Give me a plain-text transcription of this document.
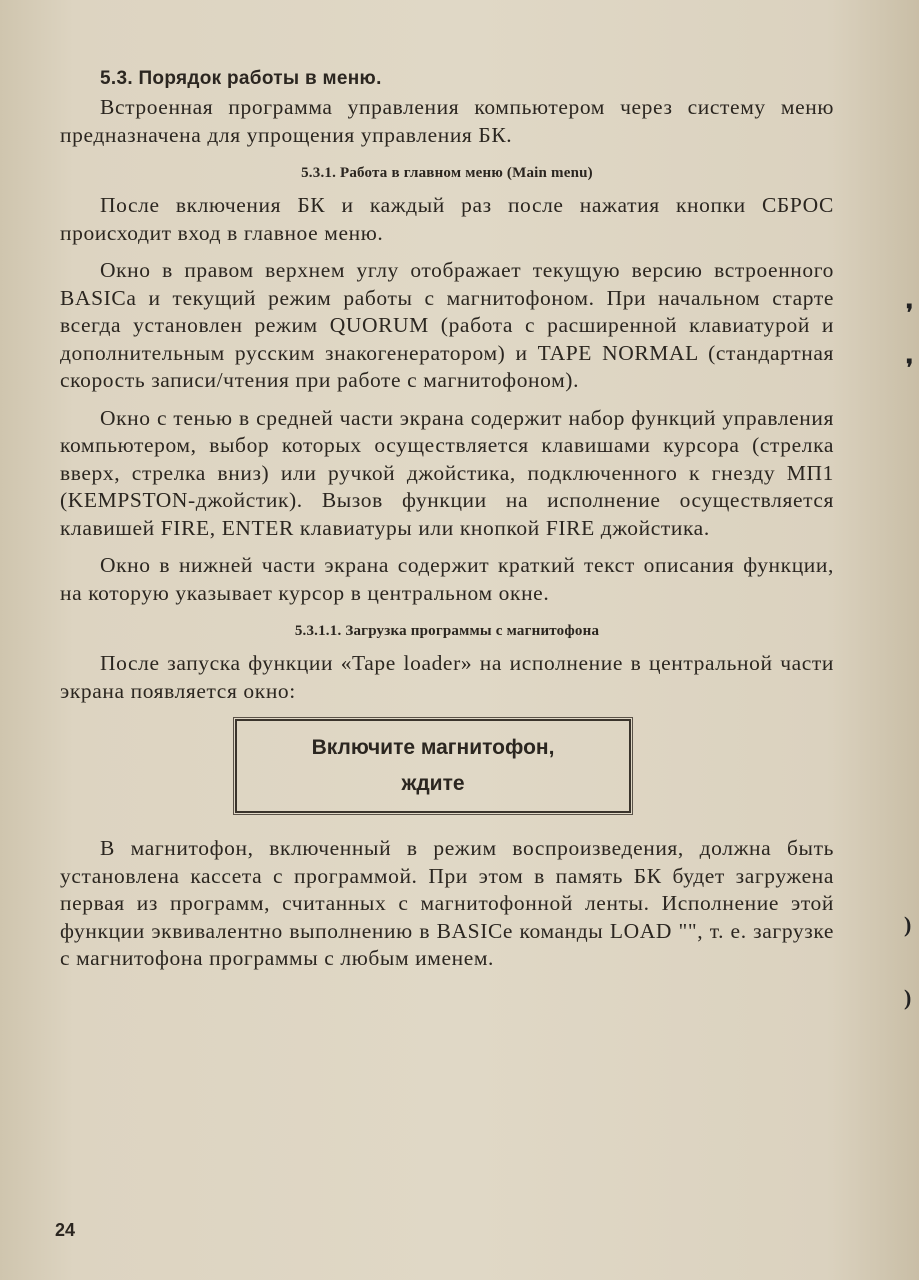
5.3. Порядок работы в меню.

Встроенная программа управления компьютером через систему меню предназначена для упрощения управления БК.

5.3.1. Работа в главном меню (Main menu)

После включения БК и каждый раз после нажатия кнопки СБРОС происходит вход в главное меню.

Окно в правом верхнем углу отображает текущую версию встроенного BASICа и текущий режим работы с магнитофоном. При начальном старте всегда установлен режим QUORUM (работа с расширенной клавиатурой и дополнительным русским знакогенератором) и TAPE NORMAL (стандартная скорость записи/чтения при работе с магнитофоном).

Окно с тенью в средней части экрана содержит набор функций управления компьютером, выбор которых осуществляется клавишами курсора (стрелка вверх, стрелка вниз) или ручкой джойстика, подключенного к гнезду МП1 (KEMPSTON-джойстик). Вызов функции на исполнение осуществляется клавишей FIRE, ENTER клавиатуры или кнопкой FIRE джойстика.

Окно в нижней части экрана содержит краткий текст описания функции, на которую указывает курсор в центральном окне.

5.3.1.1. Загрузка программы с магнитофона

После запуска функции «Tape loader» на исполнение в центральной части экрана появляется окно:

Включите магнитофон,
ждите

В магнитофон, включенный в режим воспроизведения, должна быть установлена кассета с программой. При этом в память БК будет загружена первая из программ, считанных с магнитофонной ленты. Исполнение этой функции эквивалентно выполнению в BASICе команды LOAD "", т. е. загрузке с магнитофона программы с любым именем.

24
❜
❜
)
)
